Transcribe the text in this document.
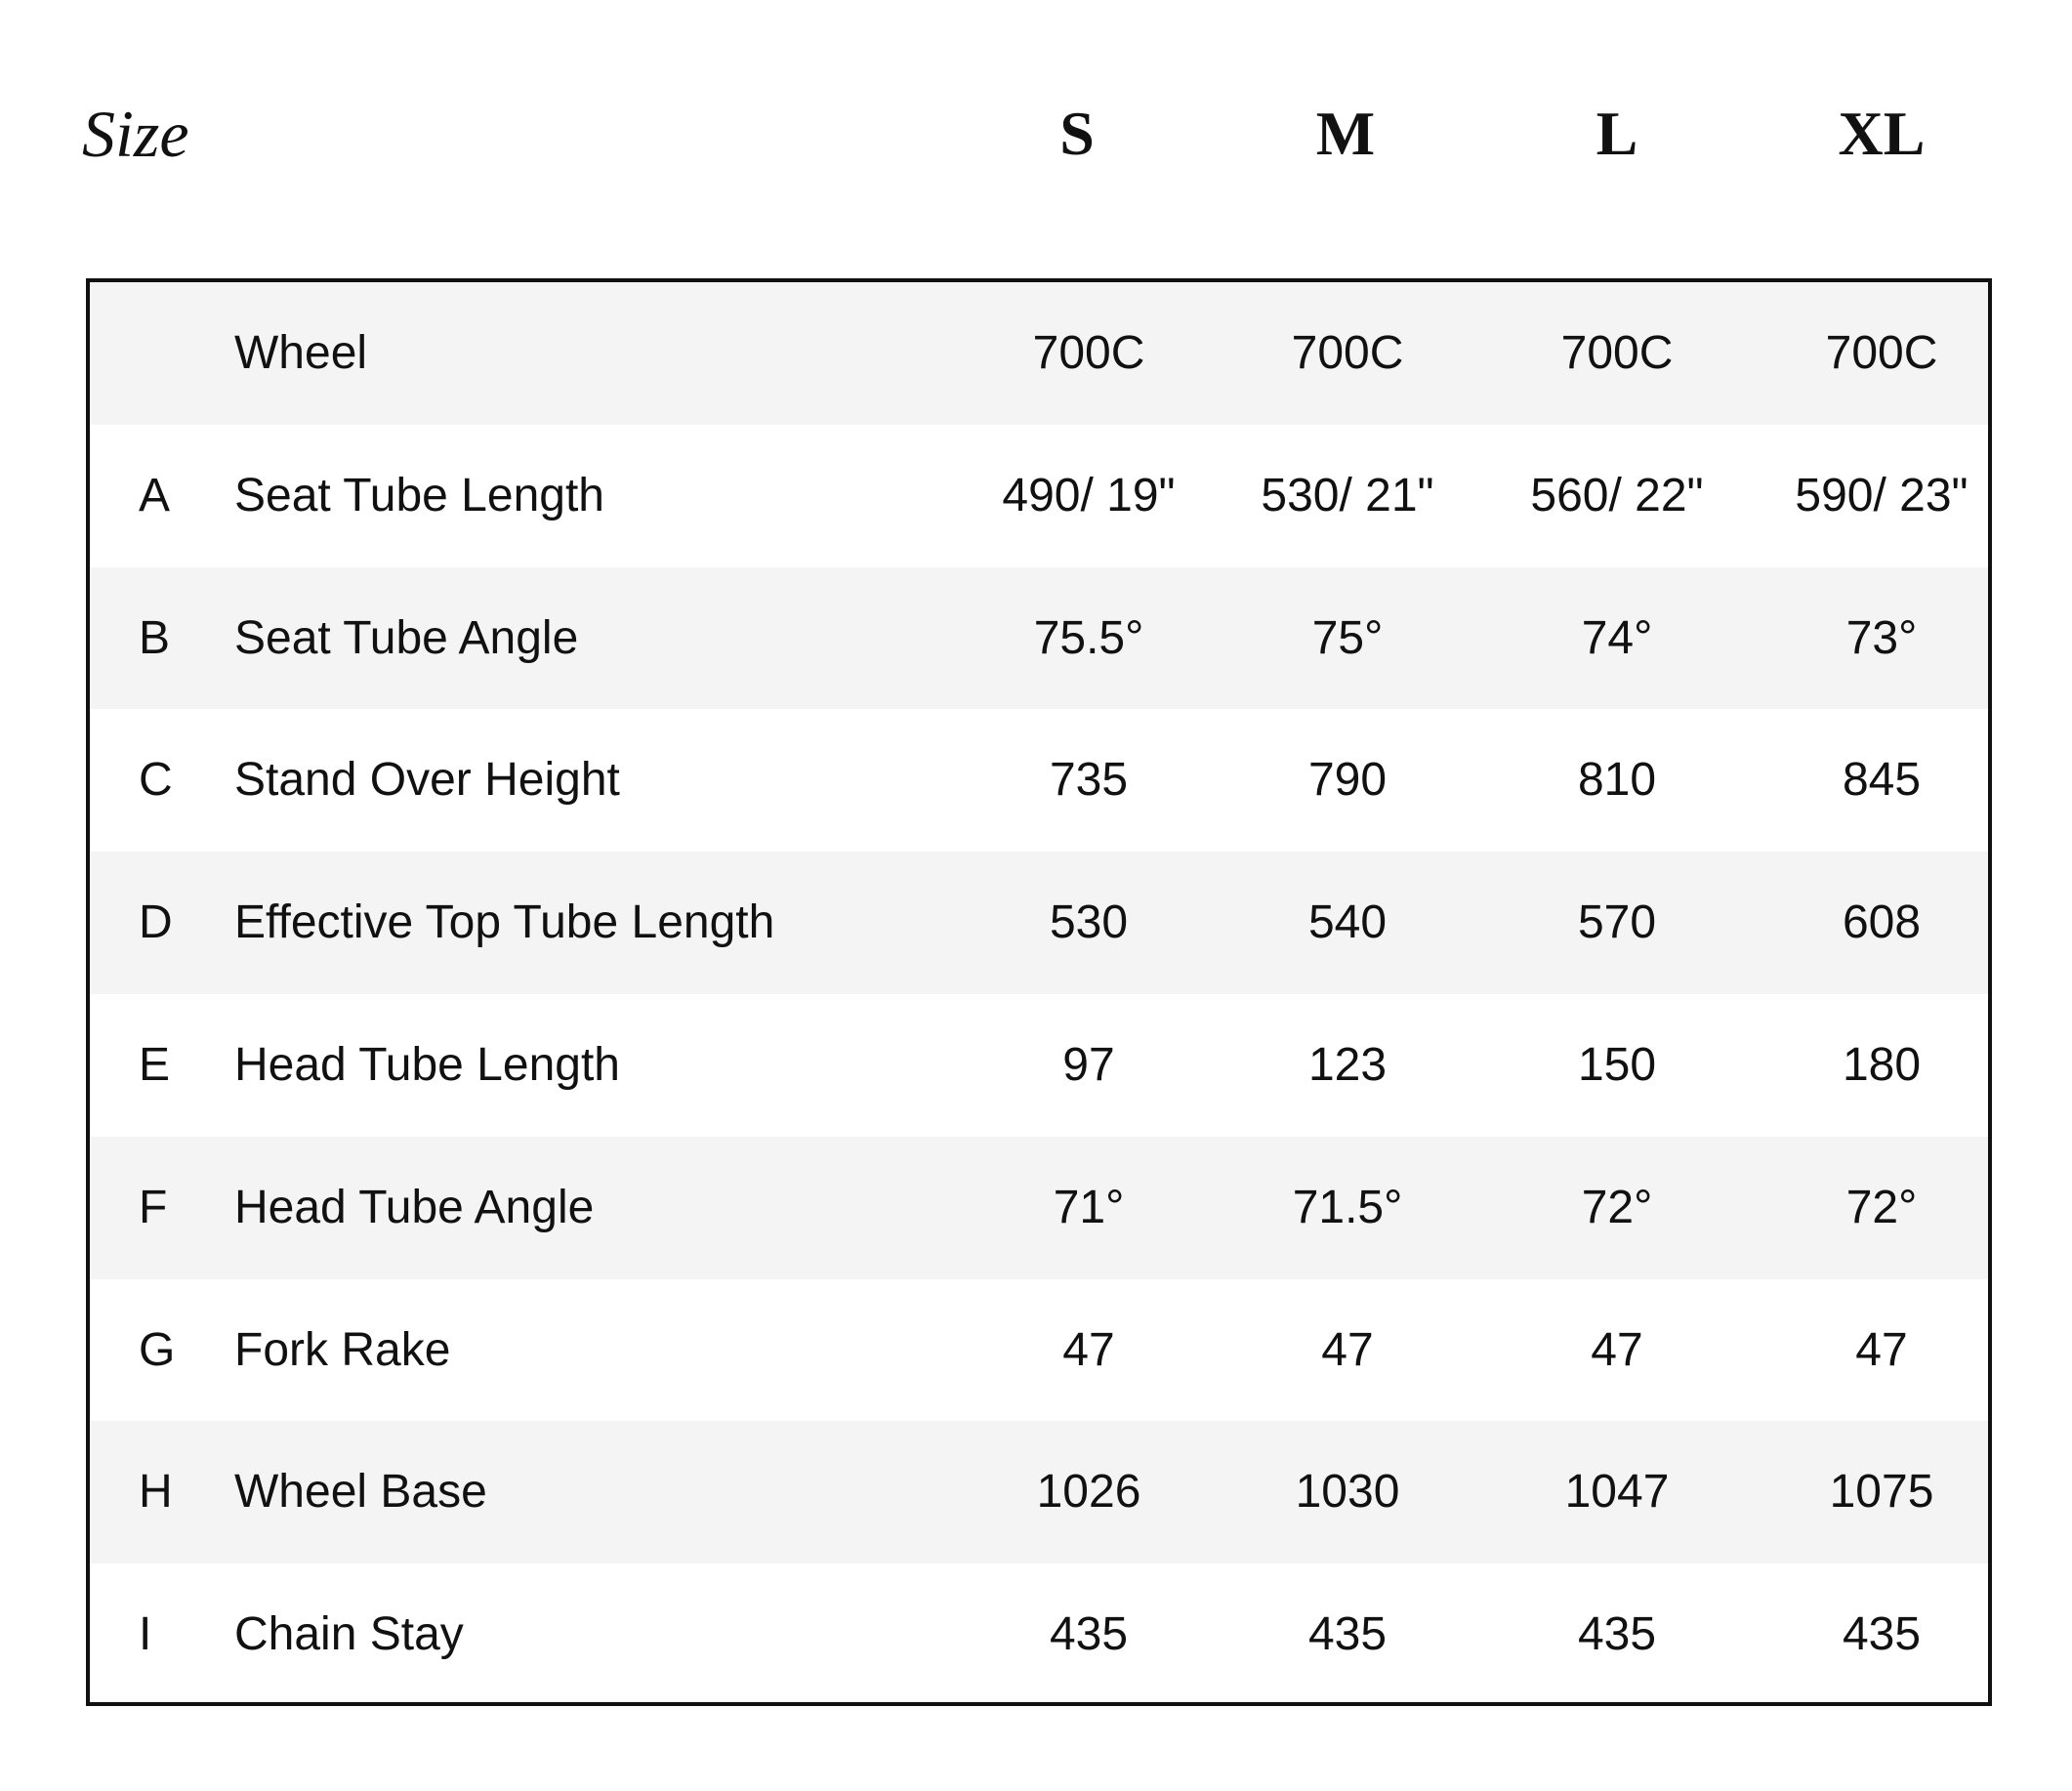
Size	S	M	L	XL
Wheel	700C	700C	700C	700C
A Seat Tube Length	490/ 19"	530/ 21"	560/ 22"	590/ 23"
B Seat Tube Angle	75.5°	75°	74°	73°
C Stand Over Height	735	790	810	845
D Effective Top Tube Length	530	540	570	608
E Head Tube Length	97	123	150	180
F Head Tube Angle	71°	71.5°	72°	72°
G Fork Rake	47	47	47	47
H Wheel Base	1026	1030	1047	1075
I Chain Stay	435	435	435	435
